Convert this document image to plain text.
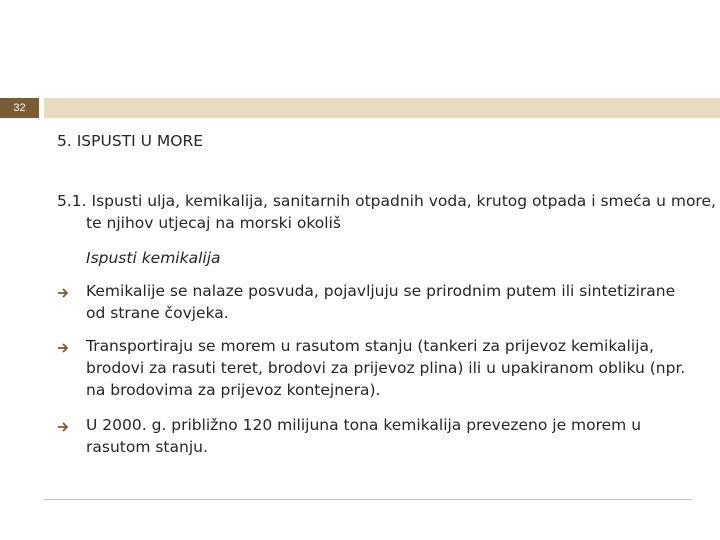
32
5. ISPUSTI U MORE
5.1. Ispusti ulja, kemikalija, sanitarnih otpadnih voda, krutog otpada i smeća u more, te njihov utjecaj na morski okoliš
Ispusti kemikalija
Kemikalije se nalaze posvuda, pojavljuju se prirodnim putem ili sintetizirane od strane čovjeka.
Transportiraju se morem u rasutom stanju (tankeri za prijevoz kemikalija, brodovi za rasuti teret, brodovi za prijevoz plina) ili u upakiranom obliku (npr. na brodovima za prijevoz kontejnera).
U 2000. g. približno 120 milijuna tona kemikalija prevezeno je morem u rasutom stanju.
